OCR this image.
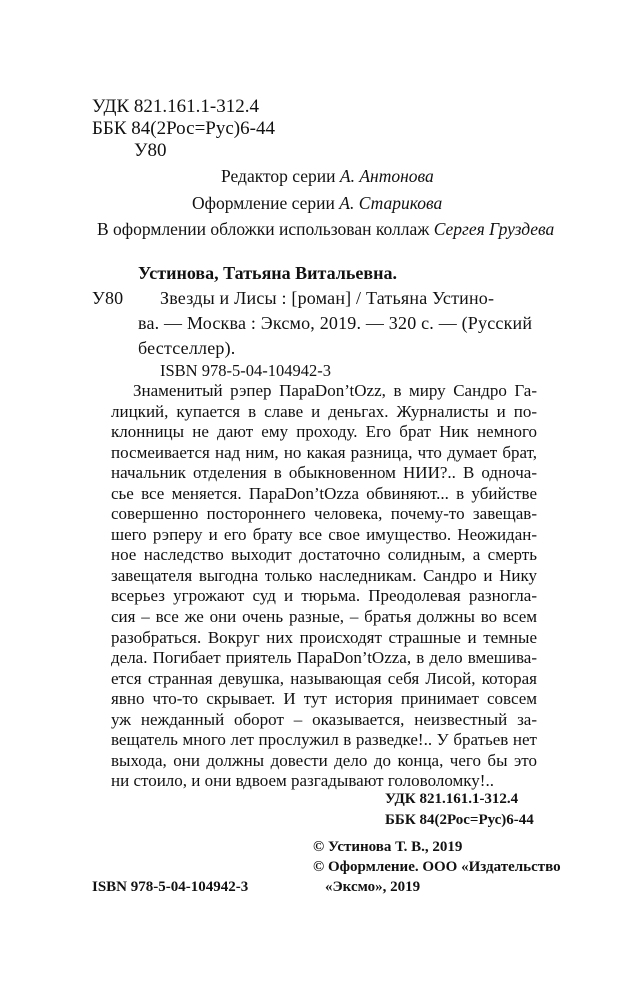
УДК 821.161.1-312.4
ББК 84(2Рос=Рус)6-44
У80
Редактор серии А. Антонова
Оформление серии А. Старикова
В оформлении обложки использован коллаж Сергея Груздева
Устинова, Татьяна Витальевна.
У80 Звезды и Лисы : [роман] / Татьяна Устино-
ва. — Москва : Эксмо, 2019. — 320 с. — (Русский
бестселлер).
ISBN 978-5-04-104942-3
Знаменитый рэпер ПараDon’tOzz, в миру Сандро Га-
лицкий, купается в славе и деньгах. Журналисты и по-
клонницы не дают ему проходу. Его брат Ник немного
посмеивается над ним, но какая разница, что думает брат,
начальник отделения в обыкновенном НИИ?.. В одноча-
сье все меняется. ПараDon’tOzza обвиняют... в убийстве
совершенно постороннего человека, почему-то завещав-
шего рэперу и его брату все свое имущество. Неожидан-
ное наследство выходит достаточно солидным, а смерть
завещателя выгодна только наследникам. Сандро и Нику
всерьез угрожают суд и тюрьма. Преодолевая разногла-
сия – все же они очень разные, – братья должны во всем
разобраться. Вокруг них происходят страшные и темные
дела. Погибает приятель ПараDon’tOzza, в дело вмешива-
ется странная девушка, называющая себя Лисой, которая
явно что-то скрывает. И тут история принимает совсем
уж нежданный оборот – оказывается, неизвестный за-
вещатель много лет прослужил в разведке!.. У братьев нет
выхода, они должны довести дело до конца, чего бы это
ни стоило, и они вдвоем разгадывают головоломку!..
УДК 821.161.1-312.4
ББК 84(2Рос=Рус)6-44
© Устинова Т. В., 2019
© Оформление. ООО «Издательство
«Эксмо», 2019
ISBN 978-5-04-104942-3
